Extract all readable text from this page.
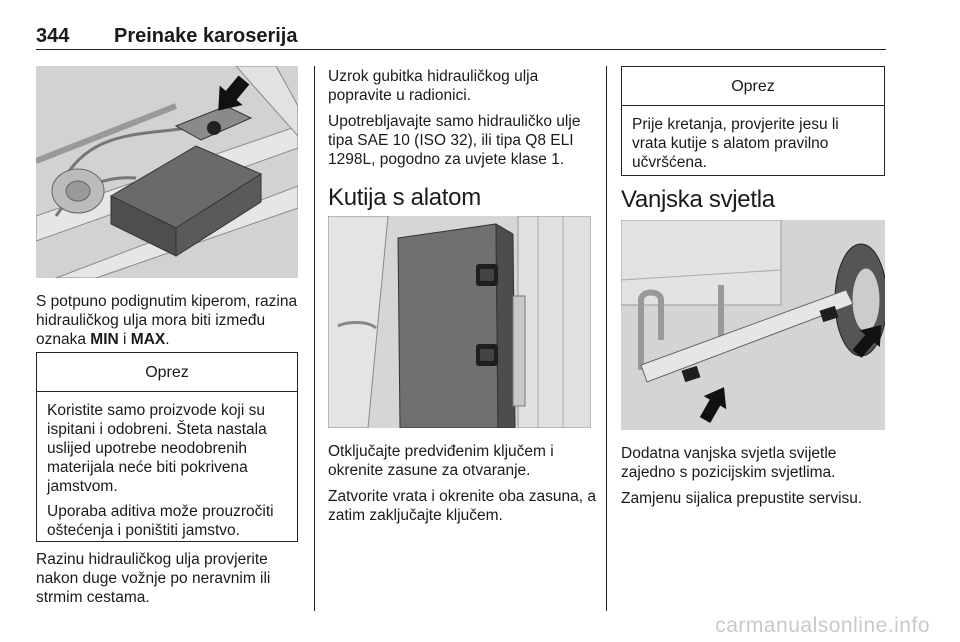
344 Preinake karoserija

S potpuno podignutim kiperom, razina hidrauličkog ulja mora biti između oznaka MIN i MAX.

Oprez

Koristite samo proizvode koji su ispitani i odobreni. Šteta nastala uslijed upotrebe neodobrenih materijala neće biti pokrivena jamstvom.

Uporaba aditiva može prouzročiti oštećenja i poništiti jamstvo.

Razinu hidrauličkog ulja provjerite nakon duge vožnje po neravnim ili strmim cestama.

Uzrok gubitka hidrauličkog ulja popravite u radionici.

Upotrebljavajte samo hidrauličko ulje tipa SAE 10 (ISO 32), ili tipa Q8 ELI 1298L, pogodno za uvjete klase 1.

Kutija s alatom

Otključajte predviđenim ključem i okrenite zasune za otvaranje.

Zatvorite vrata i okrenite oba zasuna, a zatim zaključajte ključem.

Oprez

Prije kretanja, provjerite jesu li vrata kutije s alatom pravilno učvršćena.

Vanjska svjetla

Dodatna vanjska svjetla svijetle zajedno s pozicijskim svjetlima.

Zamjenu sijalica prepustite servisu.

carmanualsonline.info
